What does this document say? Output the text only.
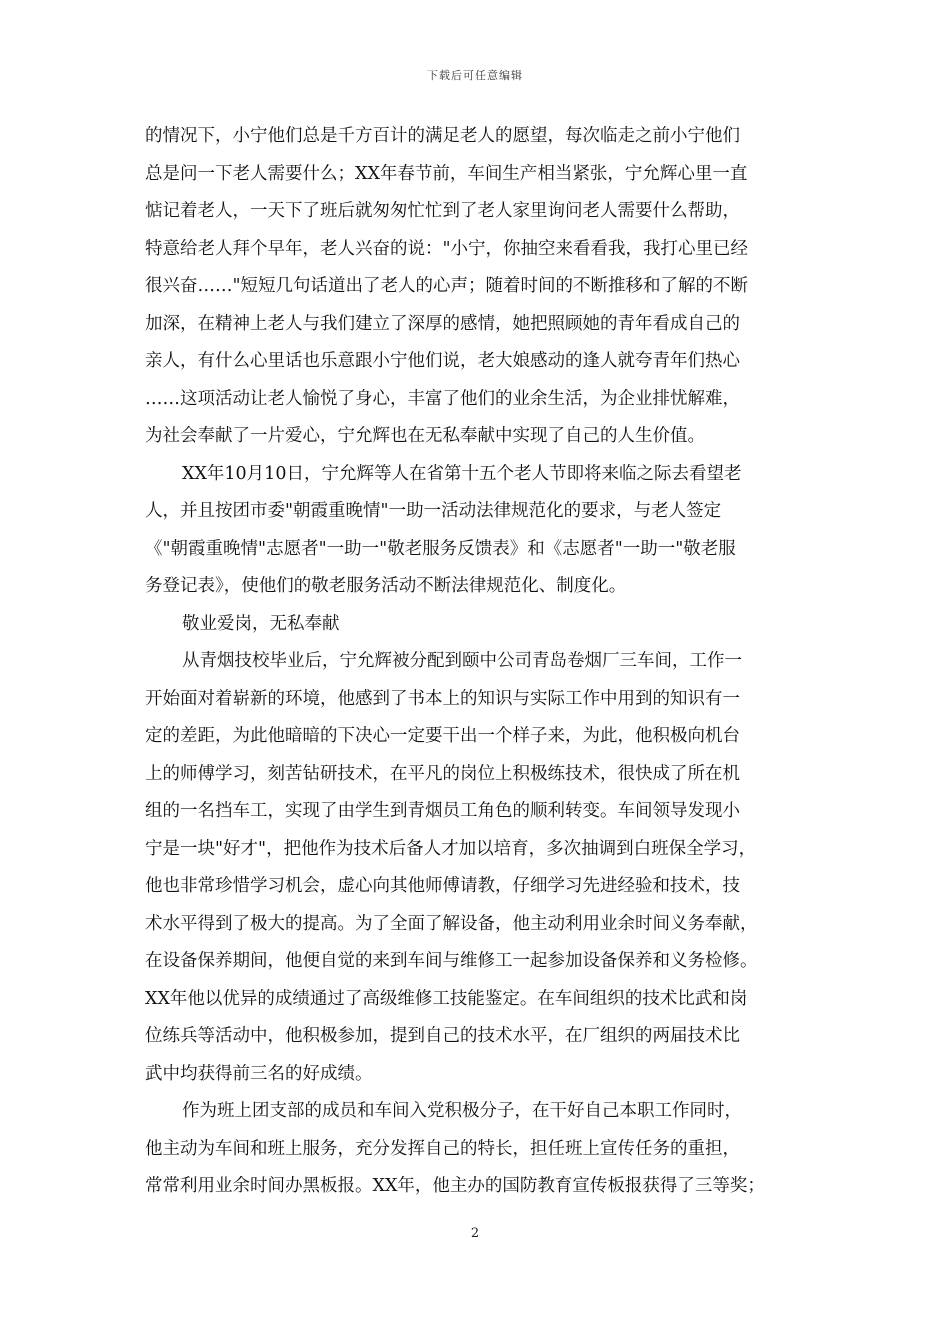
下载后可任意编辑
的情况下，小宁他们总是千方百计的满足老人的愿望，每次临走之前小宁他们
总是问一下老人需要什么；XX年春节前，车间生产相当紧张，宁允辉心里一直
惦记着老人，一天下了班后就匆匆忙忙到了老人家里询问老人需要什么帮助，
特意给老人拜个早年，老人兴奋的说："小宁，你抽空来看看我，我打心里已经
很兴奋……"短短几句话道出了老人的心声；随着时间的不断推移和了解的不断
加深，在精神上老人与我们建立了深厚的感情，她把照顾她的青年看成自己的
亲人，有什么心里话也乐意跟小宁他们说，老大娘感动的逢人就夸青年们热心
……这项活动让老人愉悦了身心，丰富了他们的业余生活，为企业排忧解难，
为社会奉献了一片爱心，宁允辉也在无私奉献中实现了自己的人生价值。
XX年10月10日，宁允辉等人在省第十五个老人节即将来临之际去看望老
人，并且按团市委"朝霞重晚情"一助一活动法律规范化的要求，与老人签定
《"朝霞重晚情"志愿者"一助一"敬老服务反馈表》和《志愿者"一助一"敬老服
务登记表》，使他们的敬老服务活动不断法律规范化、制度化。
敬业爱岗，无私奉献
从青烟技校毕业后，宁允辉被分配到颐中公司青岛卷烟厂三车间，工作一
开始面对着崭新的环境，他感到了书本上的知识与实际工作中用到的知识有一
定的差距，为此他暗暗的下决心一定要干出一个样子来，为此，他积极向机台
上的师傅学习，刻苦钻研技术，在平凡的岗位上积极练技术，很快成了所在机
组的一名挡车工，实现了由学生到青烟员工角色的顺利转变。车间领导发现小
宁是一块"好才"，把他作为技术后备人才加以培育，多次抽调到白班保全学习，
他也非常珍惜学习机会，虚心向其他师傅请教，仔细学习先进经验和技术，技
术水平得到了极大的提高。为了全面了解设备，他主动利用业余时间义务奉献，
在设备保养期间，他便自觉的来到车间与维修工一起参加设备保养和义务检修。
XX年他以优异的成绩通过了高级维修工技能鉴定。在车间组织的技术比武和岗
位练兵等活动中，他积极参加，提到自己的技术水平，在厂组织的两届技术比
武中均获得前三名的好成绩。
作为班上团支部的成员和车间入党积极分子，在干好自己本职工作同时，
他主动为车间和班上服务，充分发挥自己的特长，担任班上宣传任务的重担，
常常利用业余时间办黑板报。XX年，他主办的国防教育宣传板报获得了三等奖；
2
